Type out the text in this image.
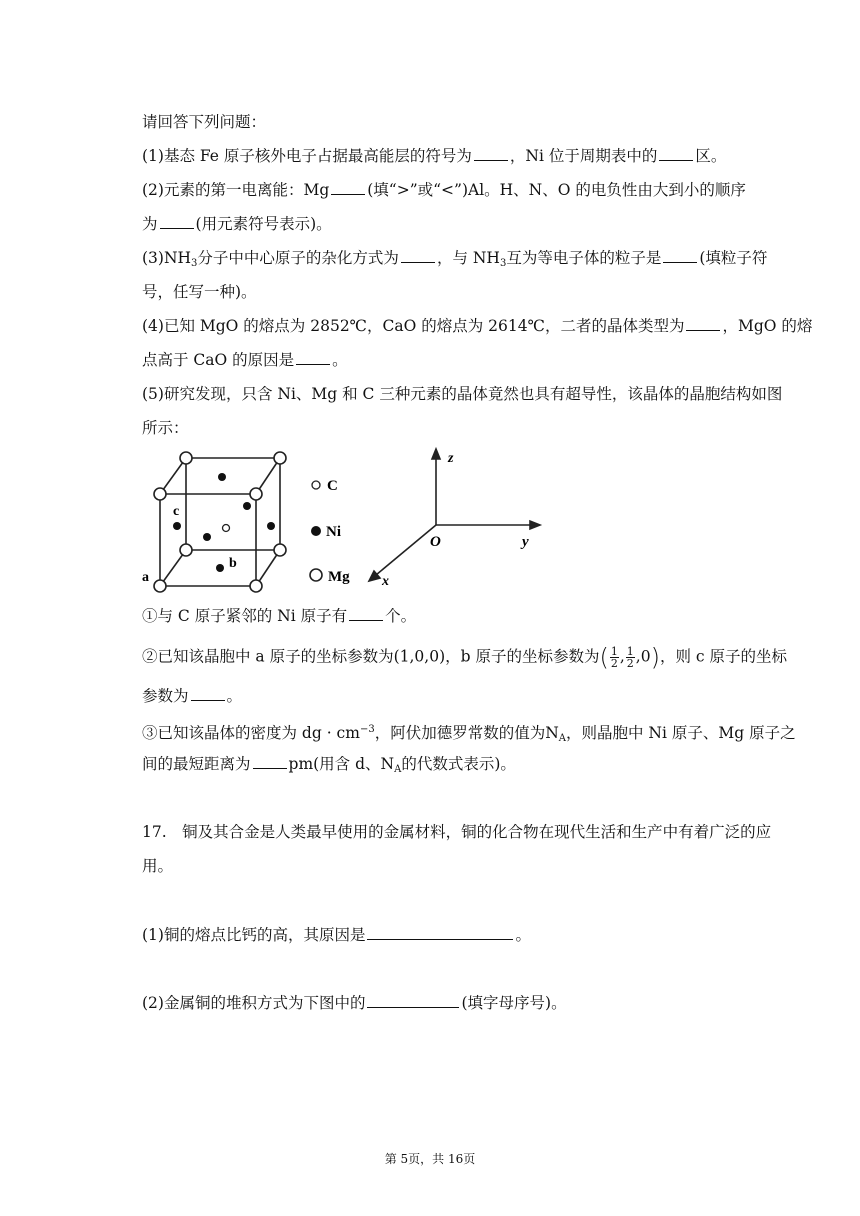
请回答下列问题：
(1)基态 Fe 原子核外电子占据最高能层的符号为 ，Ni 位于周期表中的 区。
(2)元素的第一电离能：Mg (填“>”或“<”)Al。H、N、O 的电负性由大到小的顺序
为 (用元素符号表示)。
$(3)NH_3$分子中中心原子的杂化方式为 ，与 $NH_3$互为等电子体的粒子是 (填粒子符
号，任写一种)。
(4)已知 MgO 的熔点为 2852℃，CaO 的熔点为 2614℃，二者的晶体类型为 ，MgO 的熔
点高于 CaO 的原因是 。
(5)研究发现，只含 Ni、Mg 和 C 三种元素的晶体竟然也具有超导性，该晶体的晶胞结构如图
所示：
c
b
a
C
Ni
Mg
z
O	y
x
①与 C 原子紧邻的 Ni 原子有 个。
②已知该晶胞中 a 原子的坐标参数为(1,0,0)，b 原子的坐标参数为( $\frac{1}{2}$ , $\frac{1}{2} ,0$)，则 c 原子的坐标
参数为 。
③已知该晶体的密度为 dg · $cm^{-3}$，阿伏加德罗常数的值为$N_A$，则晶胞中 Ni 原子、Mg 原子之
间的最短距离为 pm(用含 d、$N_A$的代数式表示)。
17.　铜及其合金是人类最早使用的金属材料，铜的化合物在现代生活和生产中有着广泛的应
用。
(1)铜的熔点比钙的高，其原因是	。
(2)金属铜的堆积方式为下图中的	(填字母序号)。
第 5页，共 16页
